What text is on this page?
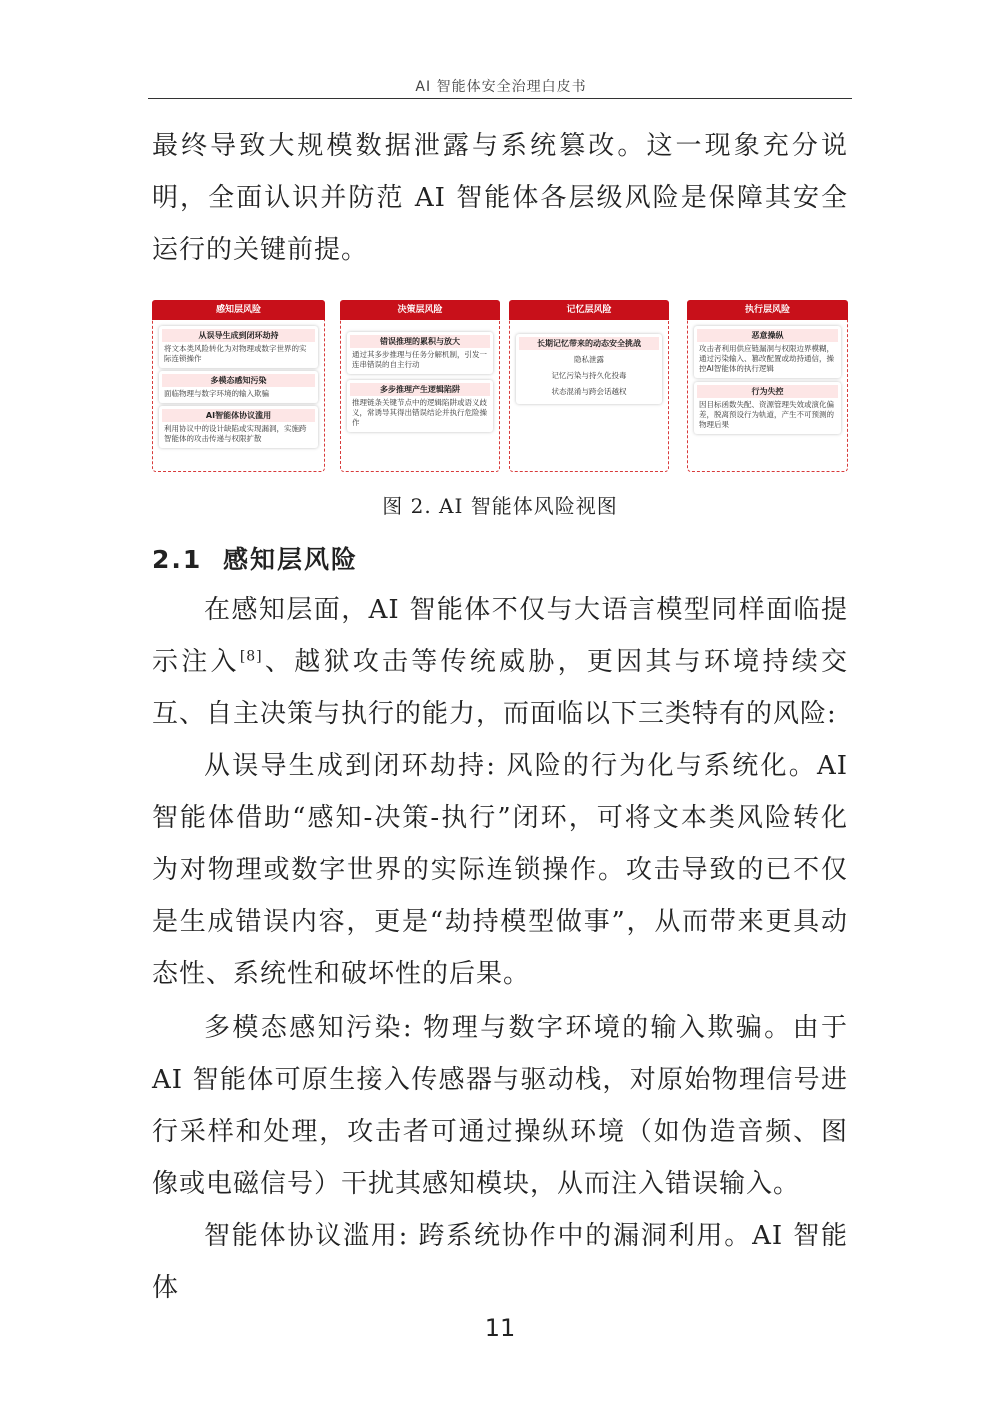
AI 智能体安全治理白皮书

最终导致大规模数据泄露与系统篡改。这一现象充分说明，全面认识并防范 AI 智能体各层级风险是保障其安全运行的关键前提。

感知层风险
从误导生成到闭环劫持
将文本类风险转化为对物理或数字世界的实际连锁操作
多模态感知污染
面临物理与数字环境的输入欺骗
AI智能体协议滥用
利用协议中的设计缺陷或实现漏洞，实施跨智能体的攻击传递与权限扩散
决策层风险
错误推理的累积与放大
通过其多步推理与任务分解机制，引发一连串错误的自主行动
多步推理产生逻辑陷阱
推理链条关键节点中的逻辑陷阱或语义歧义，常诱导其得出错误结论并执行危险操作
记忆层风险
长期记忆带来的动态安全挑战
隐私泄露
记忆污染与持久化投毒
状态混淆与跨会话越权
执行层风险
恶意操纵
攻击者利用供应链漏洞与权限边界模糊，通过污染输入、篡改配置或劫持通信，操控AI智能体的执行逻辑
行为失控
因目标函数失配、资源管理失效或演化偏差，脱离预设行为轨道，产生不可预测的物理后果
图 2. AI 智能体风险视图
2.1 感知层风险

在感知层面，AI 智能体不仅与大语言模型同样面临提示注入[8]、越狱攻击等传统威胁，更因其与环境持续交互、自主决策与执行的能力，而面临以下三类特有的风险:

从误导生成到闭环劫持: 风险的行为化与系统化。AI 智能体借助“感知-决策-执行”闭环，可将文本类风险转化为对物理或数字世界的实际连锁操作。攻击导致的已不仅是生成错误内容，更是“劫持模型做事”，从而带来更具动态性、系统性和破坏性的后果。

多模态感知污染: 物理与数字环境的输入欺骗。由于 AI 智能体可原生接入传感器与驱动栈，对原始物理信号进行采样和处理，攻击者可通过操纵环境（如伪造音频、图像或电磁信号）干扰其感知模块，从而注入错误输入。

智能体协议滥用: 跨系统协作中的漏洞利用。AI 智能体

11
